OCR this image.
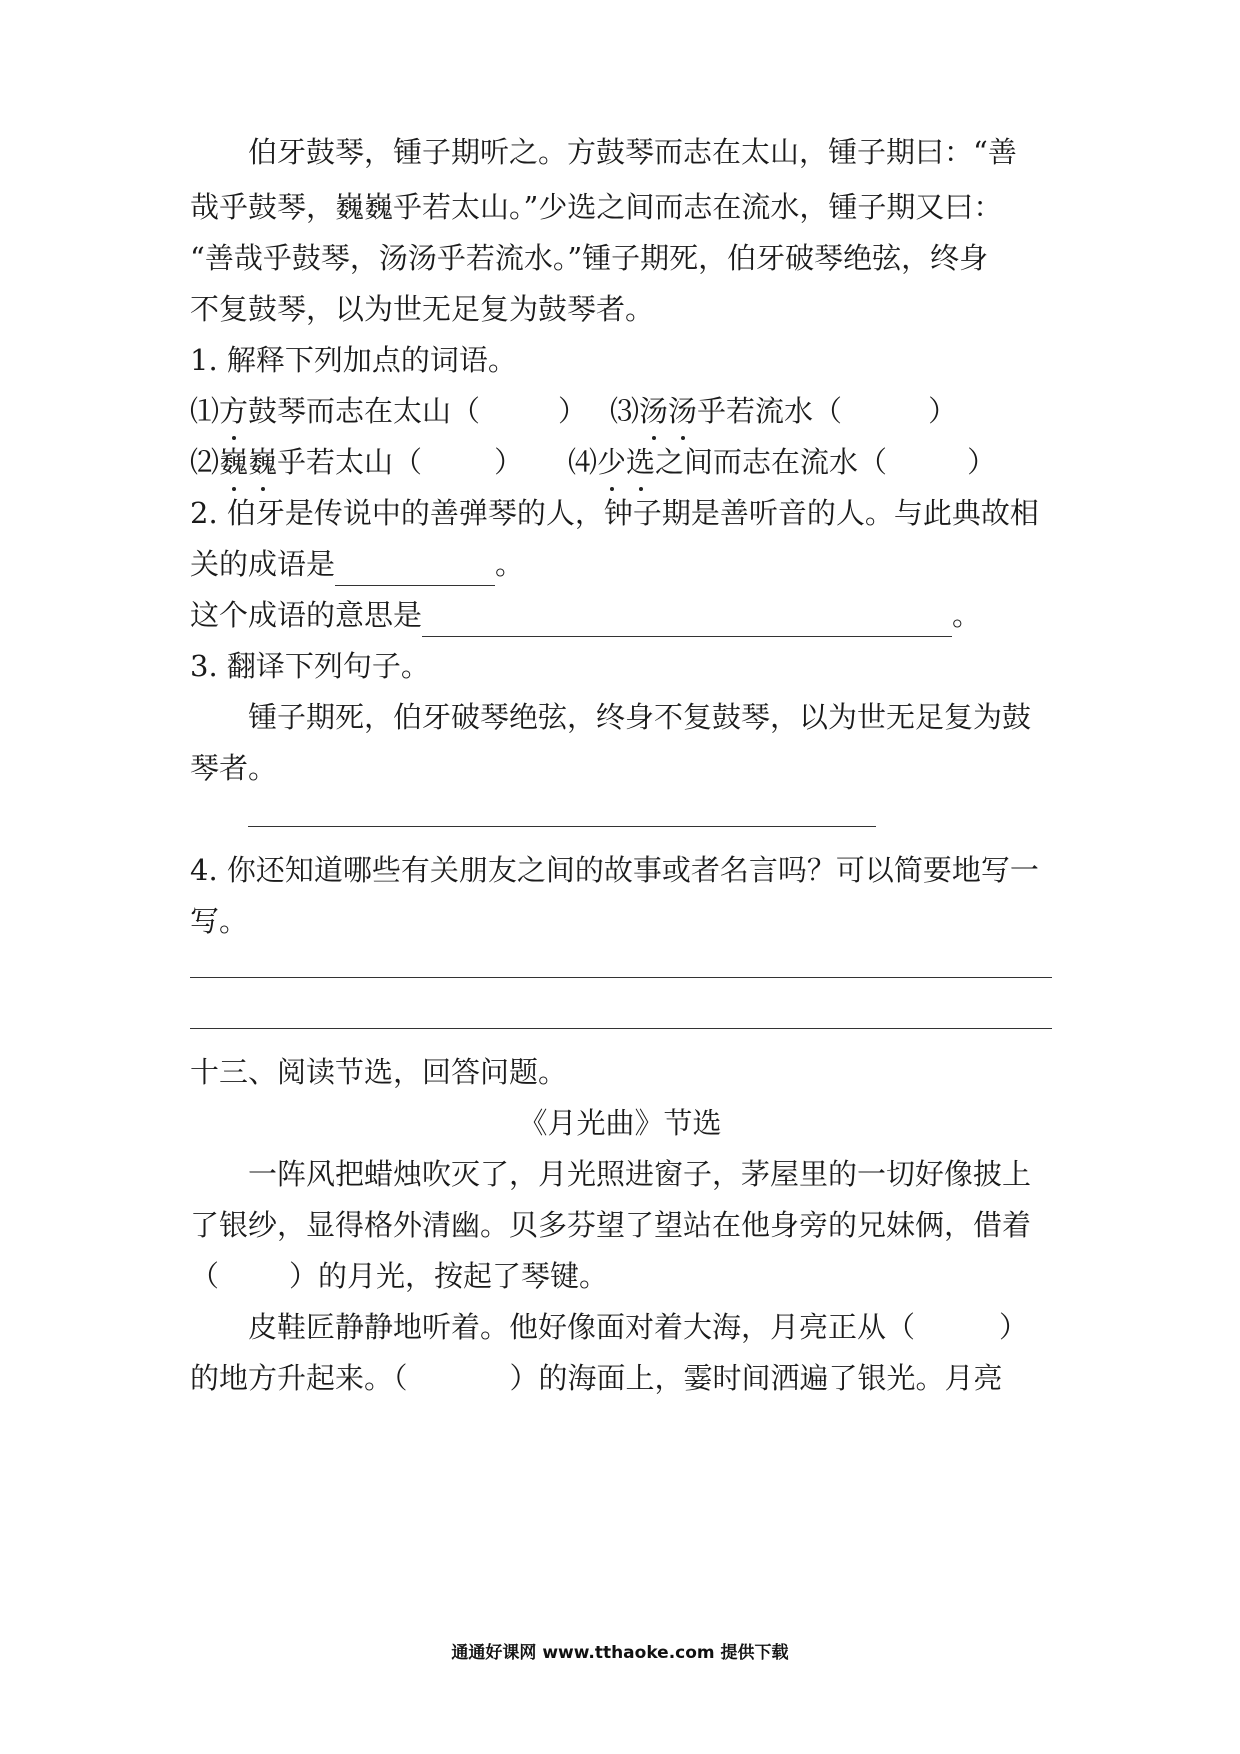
伯牙鼓琴，锺子期听之。方鼓琴而志在太山，锺子期曰：“善
哉乎鼓琴，巍巍乎若太山。”少选之间而志在流水，锺子期又曰：
“善哉乎鼓琴，汤汤乎若流水。”锺子期死，伯牙破琴绝弦，终身
不复鼓琴，以为世无足复为鼓琴者。
1. 解释下列加点的词语。
⑴方鼓琴而志在太山（	） ⑶汤汤乎若流水（	）
⑵巍巍乎若太山（ ）	⑷少选之间而志在流水（	）
2. 伯牙是传说中的善弹琴的人，钟子期是善听音的人。与此典故相
关的成语是	。
这个成语的意思是	。
3. 翻译下列句子。
锺子期死，伯牙破琴绝弦，终身不复鼓琴，以为世无足复为鼓
琴者。
4. 你还知道哪些有关朋友之间的故事或者名言吗？可以简要地写一
写。
十三、阅读节选，回答问题。
《月光曲》节选
一阵风把蜡烛吹灭了，月光照进窗子，茅屋里的一切好像披上
了银纱，显得格外清幽。贝多芬望了望站在他身旁的兄妹俩，借着
（ ）的月光，按起了琴键。
皮鞋匠静静地听着。他好像面对着大海，月亮正从（	）
的地方升起来。（	）的海面上，霎时间洒遍了银光。月亮
通通好课网 www.tthaoke.com 提供下载
